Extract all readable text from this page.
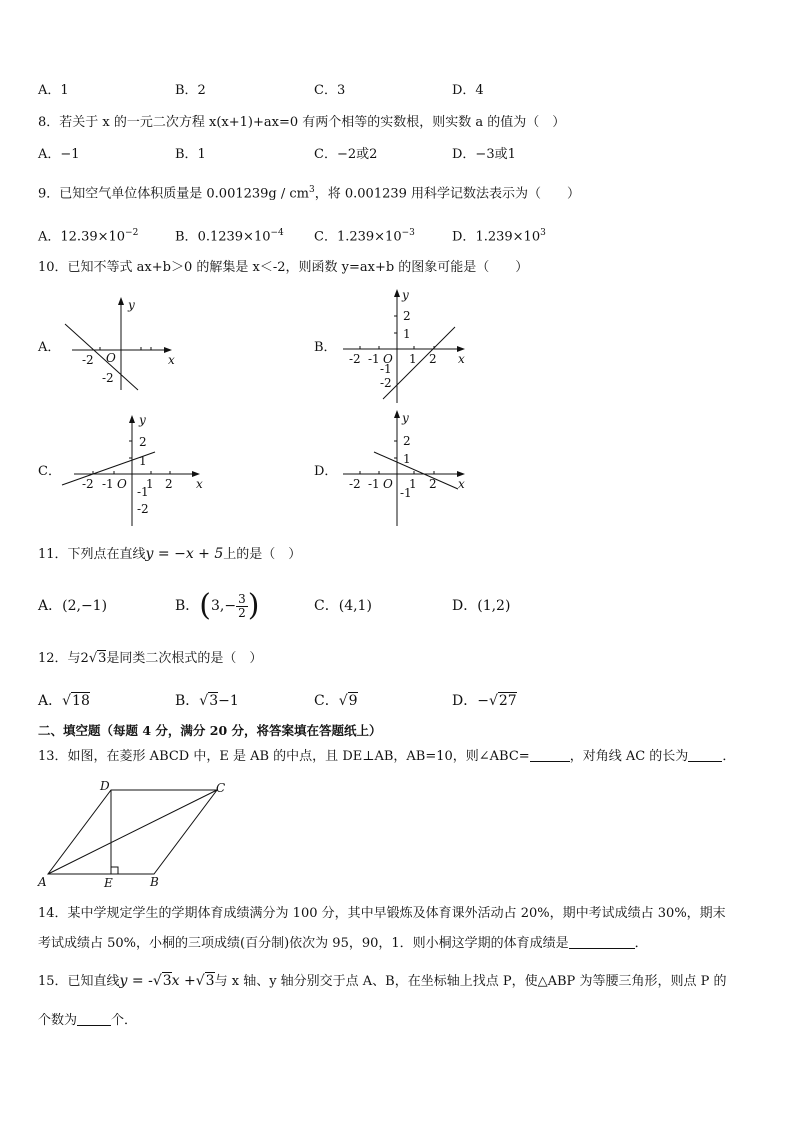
A．1	B．2	C．3	D．4
8．若关于 x 的一元二次方程 x(x+1)+ax=0 有两个相等的实数根，则实数 a 的值为（　）
A．−1	B．1	C．−2或2	D．−3或1
9．已知空气单位体积质量是 $0.001239g / cm^3$，将 0.001239 用科学记数法表示为（　　）
A．$12.39\times 10^{-2}$	B．$0.1239\times 10^{-4}$ C．$1.239\times 10^{-3}$	D．$1.239\times 10^3$
10．已知不等式 ax+b＞0 的解集是 x＜-2，则函数 y=ax+b 的图象可能是（　　）
A．	B．
C．	D．
x
y
O
-2
-2
x
y
2
1
-2 -1 O 1 2
-1
-2
x
y
2
1
-2 -1 O 1 2
-1
-2
x
y
2
1
-2 -1 O 1 2
-1
11．下列点在直线y = −x + 5上的是（　）
A．(2,−1)	B．($3,- \frac{3}{2}$ )	C．(4,1)	D．(1,2)
12．与2√3是同类二次根式的是（　）
A．√18	B．√3−1	C．√9	D．−√27
二、填空题（每题 4 分，满分 20 分，将答案填在答题纸上）
13．如图，在菱形 ABCD 中，E 是 AB 的中点，且 DE⊥AB，AB=10，则∠ABC=	，对角线 AC 的长为	．
A	E	B
C
D
14．某中学规定学生的学期体育成绩满分为 100 分，其中早锻炼及体育课外活动占 20%，期中考试成绩占 30%，期末
考试成绩占 50%，小桐的三项成绩(百分制)依次为 95，90，1．则小桐这学期的体育成绩是	．
15．已知直线y = -√3x +√3与 x 轴、y 轴分别交于点 A、B，在坐标轴上找点 P，使△ABP 为等腰三角形，则点 P 的
个数为	个．
